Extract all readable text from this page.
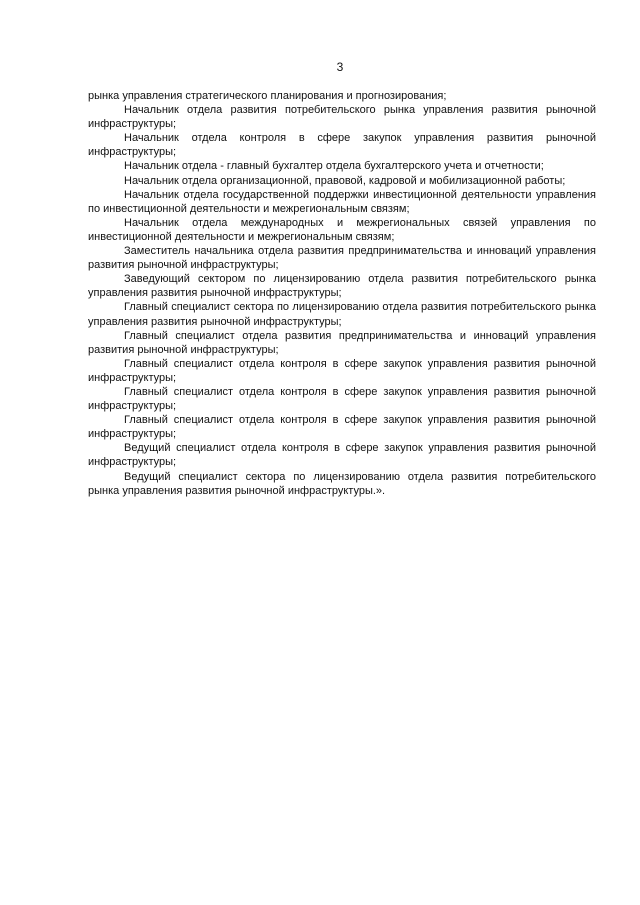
3

рынка управления стратегического планирования и прогнозирования;

Начальник отдела развития потребительского рынка управления развития рыночной инфраструктуры;

Начальник отдела контроля в сфере закупок управления развития рыночной инфраструктуры;

Начальник отдела - главный бухгалтер отдела бухгалтерского учета и отчетности;

Начальник отдела организационной, правовой, кадровой и мобилизационной работы;

Начальник отдела государственной поддержки инвестиционной деятельности управления по инвестиционной деятельности и межрегиональным связям;

Начальник отдела международных и межрегиональных связей управления по инвестиционной деятельности и межрегиональным связям;

Заместитель начальника отдела развития предпринимательства и инноваций управления развития рыночной инфраструктуры;

Заведующий сектором по лицензированию отдела развития потребительского рынка управления развития рыночной инфраструктуры;

Главный специалист сектора по лицензированию отдела развития потребительского рынка управления развития рыночной инфраструктуры;

Главный специалист отдела развития предпринимательства и инноваций управления развития рыночной инфраструктуры;

Главный специалист отдела контроля в сфере закупок управления развития рыночной инфраструктуры;

Главный специалист отдела контроля в сфере закупок управления развития рыночной инфраструктуры;

Главный специалист отдела контроля в сфере закупок управления развития рыночной инфраструктуры;

Ведущий специалист отдела контроля в сфере закупок управления развития рыночной инфраструктуры;

Ведущий специалист сектора по лицензированию отдела развития потребительского рынка управления развития рыночной инфраструктуры.».
